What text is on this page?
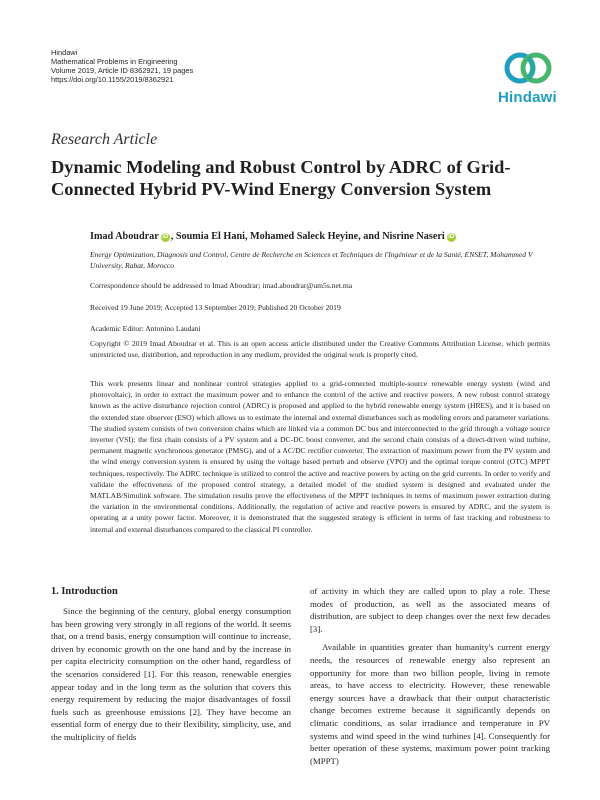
Hindawi
Mathematical Problems in Engineering
Volume 2019, Article ID 8362921, 19 pages
https://doi.org/10.1155/2019/8362921
Hindawi
Research Article
Dynamic Modeling and Robust Control by ADRC of Grid-Connected Hybrid PV-Wind Energy Conversion System
Imad Aboudrar iD , Soumia El Hani, Mohamed Saleck Heyine, and Nisrine Naseri iD
Energy Optimization, Diagnosis and Control, Centre de Recherche en Sciences et Techniques de l'Ingénieur et de la Santé, ENSET, Mohammed V University, Rabat, Morocco
Correspondence should be addressed to Imad Aboudrar; imad.aboudrar@um5s.net.ma
Received 19 June 2019; Accepted 13 September 2019; Published 20 October 2019
Academic Editor: Antonino Laudani
Copyright © 2019 Imad Aboudrar et al. This is an open access article distributed under the Creative Commons Attribution License, which permits unrestricted use, distribution, and reproduction in any medium, provided the original work is properly cited.
This work presents linear and nonlinear control strategies applied to a grid-connected multiple-source renewable energy system (wind and photovoltaic), in order to extract the maximum power and to enhance the control of the active and reactive powers. A new robust control strategy known as the active disturbance rejection control (ADRC) is proposed and applied to the hybrid renewable energy system (HRES), and it is based on the extended state observer (ESO) which allows us to estimate the internal and external disturbances such as modeling errors and parameter variations. The studied system consists of two conversion chains which are linked via a common DC bus and interconnected to the grid through a voltage source inverter (VSI); the first chain consists of a PV system and a DC-DC boost converter, and the second chain consists of a direct-driven wind turbine, permanent magnetic synchronous generator (PMSG), and of a AC/DC rectifier converter. The extraction of maximum power from the PV system and the wind energy conversion system is ensured by using the voltage based perturb and observe (VPO) and the optimal torque control (OTC) MPPT techniques, respectively. The ADRC technique is utilized to control the active and reactive powers by acting on the grid currents. In order to verify and validate the effectiveness of the proposed control strategy, a detailed model of the studied system is designed and evaluated under the MATLAB/Simulink software. The simulation results prove the effectiveness of the MPPT techniques in terms of maximum power extraction during the variation in the environmental conditions. Additionally, the regulation of active and reactive powers is ensured by ADRC, and the system is operating at a unity power factor. Moreover, it is demonstrated that the suggested strategy is efficient in terms of fast tracking and robustness to internal and external disturbances compared to the classical PI controller.
1. Introduction

Since the beginning of the century, global energy consumption has been growing very strongly in all regions of the world. It seems that, on a trend basis, energy consumption will continue to increase, driven by economic growth on the one hand and by the increase in per capita electricity consumption on the other hand, regardless of the scenarios considered [1]. For this reason, renewable energies appear today and in the long term as the solution that covers this energy requirement by reducing the major disadvantages of fossil fuels such as greenhouse emissions [2]. They have become an essential form of energy due to their flexibility, simplicity, use, and the multiplicity of fields

of activity in which they are called upon to play a role. These modes of production, as well as the associated means of distribution, are subject to deep changes over the next few decades [3].

Available in quantities greater than humanity's current energy needs, the resources of renewable energy also represent an opportunity for more than two billion people, living in remote areas, to have access to electricity. However, these renewable energy sources have a drawback that their output characteristic change becomes extreme because it significantly depends on climatic conditions, as solar irradiance and temperature in PV systems and wind speed in the wind turbines [4]. Consequently for better operation of these systems, maximum power point tracking (MPPT)
